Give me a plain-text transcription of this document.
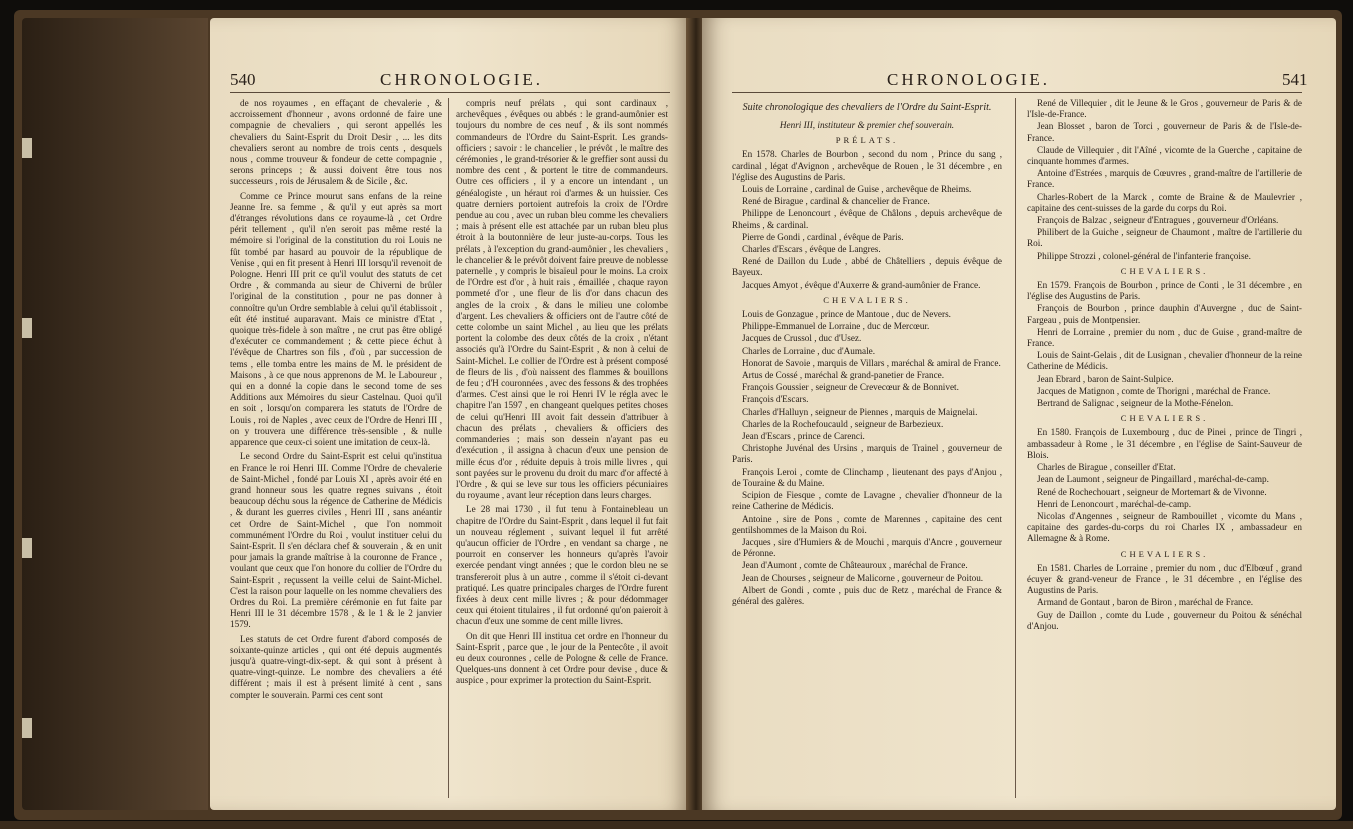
540	CHRONOLOGIE.

de nos royaumes , en effaçant de chevalerie , & accroissement d'honneur , avons ordonné de faire une compagnie de chevaliers , qui seront appellés les chevaliers du Saint-Esprit du Droit Desir , ... les dits chevaliers seront au nombre de trois cents , desquels nous , comme trouveur & fondeur de cette compagnie , serons princeps ; & aussi doivent être tous nos successeurs , rois de Jérusalem & de Sicile , &c.

Comme ce Prince mourut sans enfans de la reine Jeanne Ire. sa femme , & qu'il y eut après sa mort d'étranges révolutions dans ce royaume-là , cet Ordre périt tellement , qu'il n'en seroit pas même resté la mémoire si l'original de la constitution du roi Louis ne fût tombé par hasard au pouvoir de la république de Venise , qui en fit present à Henri III lorsqu'il revenoit de Pologne. Henri III prit ce qu'il voulut des statuts de cet Ordre , & commanda au sieur de Chiverni de brûler l'original de la constitution , pour ne pas donner à connoître qu'un Ordre semblable à celui qu'il établissoit , eût été institué auparavant. Mais ce ministre d'Etat , quoique très-fidele à son maître , ne crut pas être obligé d'exécuter ce commandement ; & cette piece échut à l'évêque de Chartres son fils , d'où , par succession de tems , elle tomba entre les mains de M. le président de Maisons , à ce que nous apprenons de M. le Laboureur , qui en a donné la copie dans le second tome de ses Additions aux Mémoires du sieur Castelnau. Quoi qu'il en soit , lorsqu'on comparera les statuts de l'Ordre de Louis , roi de Naples , avec ceux de l'Ordre de Henri III , on y trouvera une différence très-sensible , & nulle apparence que ceux-ci soient une imitation de ceux-là.

Le second Ordre du Saint-Esprit est celui qu'institua en France le roi Henri III. Comme l'Ordre de chevalerie de Saint-Michel , fondé par Louis XI , après avoir été en grand honneur sous les quatre regnes suivans , étoit beaucoup déchu sous la régence de Catherine de Médicis , & durant les guerres civiles , Henri III , sans anéantir cet Ordre de Saint-Michel , que l'on nommoit communément l'Ordre du Roi , voulut instituer celui du Saint-Esprit. Il s'en déclara chef & souverain , & en unit pour jamais la grande maîtrise à la couronne de France , voulant que ceux que l'on honore du collier de l'Ordre du Saint-Esprit , reçussent la veille celui de Saint-Michel. C'est la raison pour laquelle on les nomme chevaliers des Ordres du Roi. La première cérémonie en fut faite par Henri III le 31 décembre 1578 , & le 1 & le 2 janvier 1579.

Les statuts de cet Ordre furent d'abord composés de soixante-quinze articles , qui ont été depuis augmentés jusqu'à quatre-vingt-dix-sept. & qui sont à présent à quatre-vingt-quinze. Le nombre des chevaliers a été différent ; mais il est à présent limité à cent , sans compter le souverain. Parmi ces cent sont

compris neuf prélats , qui sont cardinaux , archevêques , évêques ou abbés : le grand-aumônier est toujours du nombre de ces neuf , & ils sont nommés commandeurs de l'Ordre du Saint-Esprit. Les grands-officiers ; savoir : le chancelier , le prévôt , le maître des cérémonies , le grand-trésorier & le greffier sont aussi du nombre des cent , & portent le titre de commandeurs. Outre ces officiers , il y a encore un intendant , un généalogiste , un héraut roi d'armes & un huissier. Ces quatre derniers portoient autrefois la croix de l'Ordre pendue au cou , avec un ruban bleu comme les chevaliers ; mais à présent elle est attachée par un ruban bleu plus étroit à la boutonnière de leur juste-au-corps. Tous les prélats , à l'exception du grand-aumônier , les chevaliers , le chancelier & le prévôt doivent faire preuve de noblesse paternelle , y compris le bisaïeul pour le moins. La croix de l'Ordre est d'or , à huit rais , émaillée , chaque rayon pommeté d'or , une fleur de lis d'or dans chacun des angles de la croix , & dans le milieu une colombe d'argent. Les chevaliers & officiers ont de l'autre côté de cette colombe un saint Michel , au lieu que les prélats portent la colombe des deux côtés de la croix , n'étant associés qu'à l'Ordre du Saint-Esprit , & non à celui de Saint-Michel. Le collier de l'Ordre est à présent composé de fleurs de lis , d'où naissent des flammes & bouillons de feu ; d'H couronnées , avec des fessons & des trophées d'armes. C'est ainsi que le roi Henri IV le régla avec le chapitre l'an 1597 , en changeant quelques petites choses de celui qu'Henri III avoit fait dessein d'attribuer à chacun des prélats , chevaliers & officiers des commanderies ; mais son dessein n'ayant pas eu d'exécution , il assigna à chacun d'eux une pension de mille écus d'or , réduite depuis à trois mille livres , qui sont payées sur le provenu du droit du marc d'or affecté à l'Ordre , & qui se leve sur tous les officiers pécuniaires du royaume , avant leur réception dans leurs charges.

Le 28 mai 1730 , il fut tenu à Fontainebleau un chapitre de l'Ordre du Saint-Esprit , dans lequel il fut fait un nouveau réglement , suivant lequel il fut arrêté qu'aucun officier de l'Ordre , en vendant sa charge , ne pourroit en conserver les honneurs qu'après l'avoir exercée pendant vingt années ; que le cordon bleu ne se transfereroit plus à un autre , comme il s'étoit ci-devant pratiqué. Les quatre principales charges de l'Ordre furent fixées à deux cent mille livres ; & pour dédommager ceux qui étoient titulaires , il fut ordonné qu'on paieroit à chacun d'eux une somme de cent mille livres.

On dit que Henri III institua cet ordre en l'honneur du Saint-Esprit , parce que , le jour de la Pentecôte , il avoit eu deux couronnes , celle de Pologne & celle de France. Quelques-uns donnent à cet Ordre pour devise , duce & auspice , pour exprimer la protection du Saint-Esprit.

CHRONOLOGIE.	541
Suite chronologique des chevaliers de l'Ordre du Saint-Esprit.
Henri III, instituteur & premier chef souverain.
PRÉLATS.
En 1578. Charles de Bourbon , second du nom , Prince du sang , cardinal , légat d'Avignon , archevêque de Rouen , le 31 décembre , en l'église des Augustins de Paris.
Louis de Lorraine , cardinal de Guise , archevêque de Rheims.
René de Birague , cardinal & chancelier de France.
Philippe de Lenoncourt , évêque de Châlons , depuis archevêque de Rheims , & cardinal.
Pierre de Gondi , cardinal , évêque de Paris.
Charles d'Escars , évêque de Langres.
René de Daillon du Lude , abbé de Châtelliers , depuis évêque de Bayeux.
Jacques Amyot , évêque d'Auxerre & grand-aumônier de France.
CHEVALIERS.
Louis de Gonzague , prince de Mantoue , duc de Nevers.
Philippe-Emmanuel de Lorraine , duc de Mercœur.
Jacques de Crussol , duc d'Usez.
Charles de Lorraine , duc d'Aumale.
Honorat de Savoie , marquis de Villars , maréchal & amiral de France.
Artus de Cossé , maréchal & grand-panetier de France.
François Goussier , seigneur de Crevecœur & de Bonnivet.
François d'Escars.
Charles d'Halluyn , seigneur de Piennes , marquis de Maignelai.
Charles de la Rochefoucauld , seigneur de Barbezieux.
Jean d'Escars , prince de Carenci.
Christophe Juvénal des Ursins , marquis de Trainel , gouverneur de Paris.
François Leroi , comte de Clinchamp , lieutenant des pays d'Anjou , de Touraine & du Maine.
Scipion de Fiesque , comte de Lavagne , chevalier d'honneur de la reine Catherine de Médicis.
Antoine , sire de Pons , comte de Marennes , capitaine des cent gentilshommes de la Maison du Roi.
Jacques , sire d'Humiers & de Mouchi , marquis d'Ancre , gouverneur de Péronne.
Jean d'Aumont , comte de Châteauroux , maréchal de France.
Jean de Chourses , seigneur de Malicorne , gouverneur de Poitou.
Albert de Gondi , comte , puis duc de Retz , maréchal de France & général des galères.
René de Villequier , dit le Jeune & le Gros , gouverneur de Paris & de l'Isle-de-France.
Jean Blosset , baron de Torci , gouverneur de Paris & de l'Isle-de-France.
Claude de Villequier , dit l'Aîné , vicomte de la Guerche , capitaine de cinquante hommes d'armes.
Antoine d'Estrées , marquis de Cœuvres , grand-maître de l'artillerie de France.
Charles-Robert de la Marck , comte de Braine & de Maulevrier , capitaine des cent-suisses de la garde du corps du Roi.
François de Balzac , seigneur d'Entragues , gouverneur d'Orléans.
Philibert de la Guiche , seigneur de Chaumont , maître de l'artillerie du Roi.
Philippe Strozzi , colonel-général de l'infanterie françoise.
CHEVALIERS.
En 1579. François de Bourbon , prince de Conti , le 31 décembre , en l'église des Augustins de Paris.
François de Bourbon , prince dauphin d'Auvergne , duc de Saint-Fargeau , puis de Montpensier.
Henri de Lorraine , premier du nom , duc de Guise , grand-maître de France.
Louis de Saint-Gelais , dit de Lusignan , chevalier d'honneur de la reine Catherine de Médicis.
Jean Ebrard , baron de Saint-Sulpice.
Jacques de Matignon , comte de Thorigni , maréchal de France.
Bertrand de Salignac , seigneur de la Mothe-Fénelon.
CHEVALIERS.
En 1580. François de Luxembourg , duc de Pinei , prince de Tingri , ambassadeur à Rome , le 31 décembre , en l'église de Saint-Sauveur de Blois.
Charles de Birague , conseiller d'Etat.
Jean de Laumont , seigneur de Pingaillard , maréchal-de-camp.
René de Rochechouart , seigneur de Mortemart & de Vivonne.
Henri de Lenoncourt , maréchal-de-camp.
Nicolas d'Angennes , seigneur de Rambouillet , vicomte du Mans , capitaine des gardes-du-corps du roi Charles IX , ambassadeur en Allemagne & à Rome.
CHEVALIERS.
En 1581. Charles de Lorraine , premier du nom , duc d'Elbœuf , grand écuyer & grand-veneur de France , le 31 décembre , en l'église des Augustins de Paris.
Armand de Gontaut , baron de Biron , maréchal de France.
Guy de Daillon , comte du Lude , gouverneur du Poitou & sénéchal d'Anjou.
